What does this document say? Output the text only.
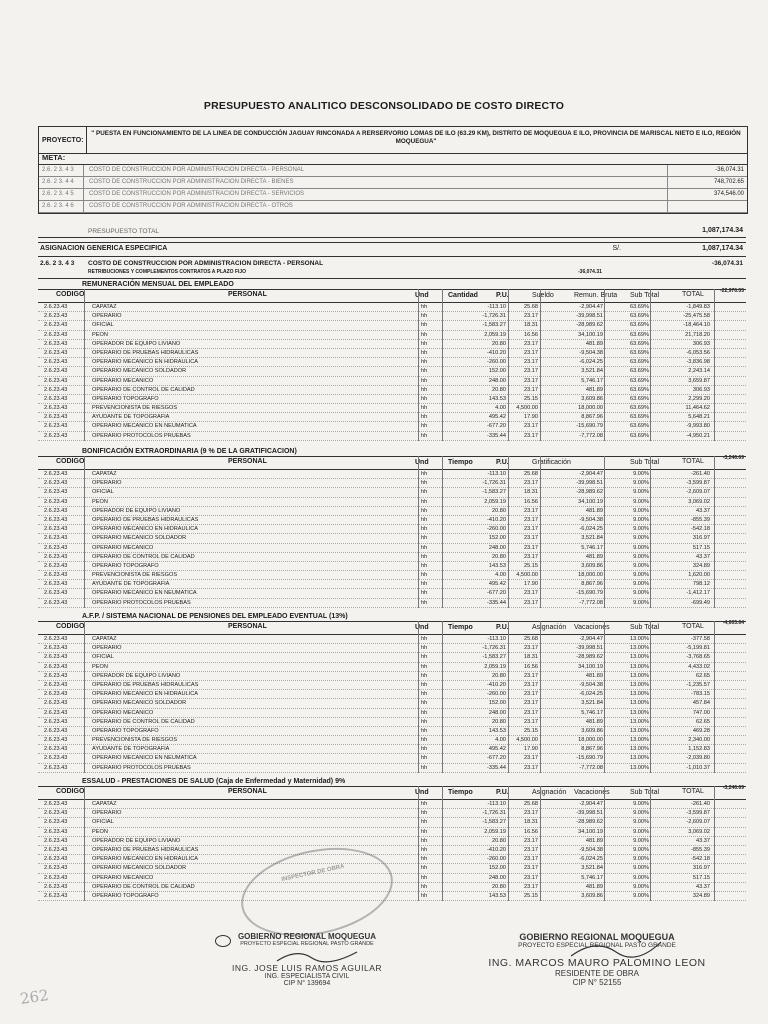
PRESUPUESTO ANALITICO DESCONSOLIDADO DE COSTO DIRECTO
PROYECTO:
" PUESTA EN FUNCIONAMIENTO DE LA LINEA DE CONDUCCIÓN JAGUAY RINCONADA A RERSERVORIO LOMAS DE ILO (63.29 KM), DISTRITO DE MOQUEGUA E ILO, PROVINCIA DE MARISCAL NIETO E ILO, REGIÓN MOQUEGUA"
META:
2.6. 2 3. 4 3	COSTO DE CONSTRUCCION POR ADMINISTRACION DIRECTA - PERSONAL	-36,074.31
2.6. 2 3. 4 4	COSTO DE CONSTRUCCION POR ADMINISTRACION DIRECTA - BIENES	748,702.65
2.6. 2 3. 4 5	COSTO DE CONSTRUCCION POR ADMINISTRACION DIRECTA - SERVICIOS	374,546.00
2.6. 2 3. 4 6	COSTO DE CONSTRUCCION POR ADMINISTRACION DIRECTA - OTROS
PRESUPUESTO TOTAL	1,087,174.34
ASIGNACION GENERICA ESPECIFICA	S/.	1,087,174.34
2.6. 2 3. 4 3 COSTO DE CONSTRUCCION POR ADMINISTRACION DIRECTA - PERSONAL	-36,074.31
RETRIBUCIONES Y COMPLEMENTOS CONTRATOS A PLAZO FIJO	-36,074.31
REMUNERACIÓN MENSUAL DEL EMPLEADO
-22,976.55
CODIGO	PERSONAL	Und	Cantidad	P.U.	Sueldo	Remun. Bruta Sub Total	TOTAL
2.6.23.43	CAPATAZ	hh	-113.10	25.68	-2,904.47	63.69%	-1,849.83
2.6.23.43	OPERARIO	hh	-1,726.31	23.17	-39,998.51	63.69%	-25,475.58
2.6.23.43	OFICIAL	hh	-1,583.27	18.31	-28,989.62	63.69%	-18,464.10
2.6.23.43	PEON	hh	2,059.19	16.56	34,100.19	63.69%	21,718.20
2.6.23.43	OPERADOR DE EQUIPO LIVIANO	hh	20.80	23.17	481.89	63.69%	306.93
2.6.23.43	OPERARIO DE PRUEBAS HIDRAULICAS	hh	-410.20	23.17	-9,504.38	63.69%	-6,053.56
2.6.23.43	OPERARIO MECANICO EN HIDRAULICA	hh	-260.00	23.17	-6,024.25	63.69%	-3,836.98
2.6.23.43	OPERARIO MECANICO SOLDADOR	hh	152.00	23.17	3,521.84	63.69%	2,243.14
2.6.23.43	OPERARIO MECANICO	hh	248.00	23.17	5,746.17	63.69%	3,659.87
2.6.23.43	OPERARIO DE CONTROL DE CALIDAD	hh	20.80	23.17	481.89	63.69%	306.93
2.6.23.43	OPERARIO TOPOGRAFO	hh	143.53	25.15	3,609.86	63.69%	2,299.20
2.6.23.43	PREVENCIONISTA DE RIESGOS	hh	4.00	4,500.00	18,000.00	63.69%	11,464.62
2.6.23.43	AYUDANTE DE TOPOGRAFIA	hh	495.42	17.90	8,867.96	63.69%	5,648.21
2.6.23.43	OPERARIO MECANICO EN NEUMATICA	hh	-677.20	23.17	-15,690.79	63.69%	-9,993.80
2.6.23.43	OPERARIO PROTOCOLOS PRUEBAS	hh	-335.44	23.17	-7,772.08	63.69%	-4,950.21
BONIFICACIÓN EXTRAORDINARIA (9 % DE LA GRATIFICACION)
-3,246.69
CODIGO	PERSONAL	Und	Tiempo	P.U.	Gratificación	Sub Total	TOTAL
2.6.23.43	CAPATAZ	hh	-113.10	25.68	-2,904.47	9.00%	-261.40
2.6.23.43	OPERARIO	hh	-1,726.31	23.17	-39,998.51	9.00%	-3,599.87
2.6.23.43	OFICIAL	hh	-1,583.27	18.31	-28,989.62	9.00%	-2,609.07
2.6.23.43	PEON	hh	2,059.19	16.56	34,100.19	9.00%	3,069.02
2.6.23.43	OPERADOR DE EQUIPO LIVIANO	hh	20.80	23.17	481.89	9.00%	43.37
2.6.23.43	OPERARIO DE PRUEBAS HIDRAULICAS	hh	-410.20	23.17	-9,504.38	9.00%	-855.39
2.6.23.43	OPERARIO MECANICO EN HIDRAULICA	hh	-260.00	23.17	-6,024.25	9.00%	-542.18
2.6.23.43	OPERARIO MECANICO SOLDADOR	hh	152.00	23.17	3,521.84	9.00%	316.97
2.6.23.43	OPERARIO MECANICO	hh	248.00	23.17	5,746.17	9.00%	517.15
2.6.23.43	OPERARIO DE CONTROL DE CALIDAD	hh	20.80	23.17	481.89	9.00%	43.37
2.6.23.43	OPERARIO TOPOGRAFO	hh	143.53	25.15	3,609.86	9.00%	324.89
2.6.23.43	PREVENCIONISTA DE RIESGOS	hh	4.00	4,500.00	18,000.00	9.00%	1,620.00
2.6.23.43	AYUDANTE DE TOPOGRAFIA	hh	495.42	17.90	8,867.96	9.00%	798.12
2.6.23.43	OPERARIO MECANICO EN NEUMATICA	hh	-677.20	23.17	-15,690.79	9.00%	-1,412.17
2.6.23.43	OPERARIO PROTOCOLOS PRUEBAS	hh	-335.44	23.17	-7,772.08	9.00%	-699.49
A.F.P. / SISTEMA NACIONAL DE PENSIONES DEL EMPLEADO EVENTUAL (13%)
-4,605.64
CODIGO	PERSONAL	Und	Tiempo	P.U.	Asignación Vacaciones	Sub Total	TOTAL
2.6.23.43	CAPATAZ	hh	-113.10	25.68	-2,904.47	13.00%	-377.58
2.6.23.43	OPERARIO	hh	-1,726.31	23.17	-39,998.51	13.00%	-5,199.81
2.6.23.43	OFICIAL	hh	-1,583.27	18.31	-28,989.62	13.00%	-3,768.65
2.6.23.43	PEON	hh	2,059.19	16.56	34,100.19	13.00%	4,433.02
2.6.23.43	OPERADOR DE EQUIPO LIVIANO	hh	20.80	23.17	481.89	13.00%	62.65
2.6.23.43	OPERARIO DE PRUEBAS HIDRAULICAS	hh	-410.20	23.17	-9,504.38	13.00%	-1,235.57
2.6.23.43	OPERARIO MECANICO EN HIDRAULICA	hh	-260.00	23.17	-6,024.25	13.00%	-783.15
2.6.23.43	OPERARIO MECANICO SOLDADOR	hh	152.00	23.17	3,521.84	13.00%	457.84
2.6.23.43	OPERARIO MECANICO	hh	248.00	23.17	5,746.17	13.00%	747.00
2.6.23.43	OPERARIO DE CONTROL DE CALIDAD	hh	20.80	23.17	481.89	13.00%	62.65
2.6.23.43	OPERARIO TOPOGRAFO	hh	143.53	25.15	3,609.86	13.00%	469.28
2.6.23.43	PREVENCIONISTA DE RIESGOS	hh	4.00	4,500.00	18,000.00	13.00%	2,340.00
2.6.23.43	AYUDANTE DE TOPOGRAFIA	hh	495.42	17.90	8,867.96	13.00%	1,152.83
2.6.23.43	OPERARIO MECANICO EN NEUMATICA	hh	-677.20	23.17	-15,690.79	13.00%	-2,039.80
2.6.23.43	OPERARIO PROTOCOLOS PRUEBAS	hh	-335.44	23.17	-7,772.08	13.00%	-1,010.37
ESSALUD - PRESTACIONES DE SALUD (Caja de Enfermedad y Maternidad) 9%
-3,246.69
CODIGO	PERSONAL	Und	Tiempo	P.U.	Asignación Vacaciones	Sub Total	TOTAL
2.6.23.43	CAPATAZ	hh	-113.10	25.68	-2,904.47	9.00%	-261.40
2.6.23.43	OPERARIO	hh	-1,726.31	23.17	-39,998.51	9.00%	-3,599.87
2.6.23.43	OFICIAL	hh	-1,583.27	18.31	-28,989.62	9.00%	-2,609.07
2.6.23.43	PEON	hh	2,059.19	16.56	34,100.19	9.00%	3,069.02
2.6.23.43	OPERADOR DE EQUIPO LIVIANO	hh	20.80	23.17	481.89	9.00%	43.37
2.6.23.43	OPERARIO DE PRUEBAS HIDRAULICAS	hh	-410.20	23.17	-9,504.38	9.00%	-855.39
2.6.23.43	OPERARIO MECANICO EN HIDRAULICA	hh	-260.00	23.17	-6,024.25	9.00%	-542.18
2.6.23.43	OPERARIO MECANICO SOLDADOR	hh	152.00	23.17	3,521.84	9.00%	316.97
2.6.23.43	OPERARIO MECANICO	hh	248.00	23.17	5,746.17	9.00%	517.15
2.6.23.43	OPERARIO DE CONTROL DE CALIDAD	hh	20.80	23.17	481.89	9.00%	43.37
2.6.23.43	OPERARIO TOPOGRAFO	hh	143.53	25.15	3,609.86	9.00%	324.89
INSPECTOR DE OBRA
GOBIERNO REGIONAL MOQUEGUA
PROYECTO ESPECIAL REGIONAL PASTO GRANDE
ING. JOSE LUIS RAMOS AGUILAR
ING. ESPECIALISTA CIVIL
CIP N° 139694
GOBIERNO REGIONAL MOQUEGUA
PROYECTO ESPECIAL REGIONAL PASTO GRANDE
ING. MARCOS MAURO PALOMINO LEON
RESIDENTE DE OBRA
CIP N° 52155
262
